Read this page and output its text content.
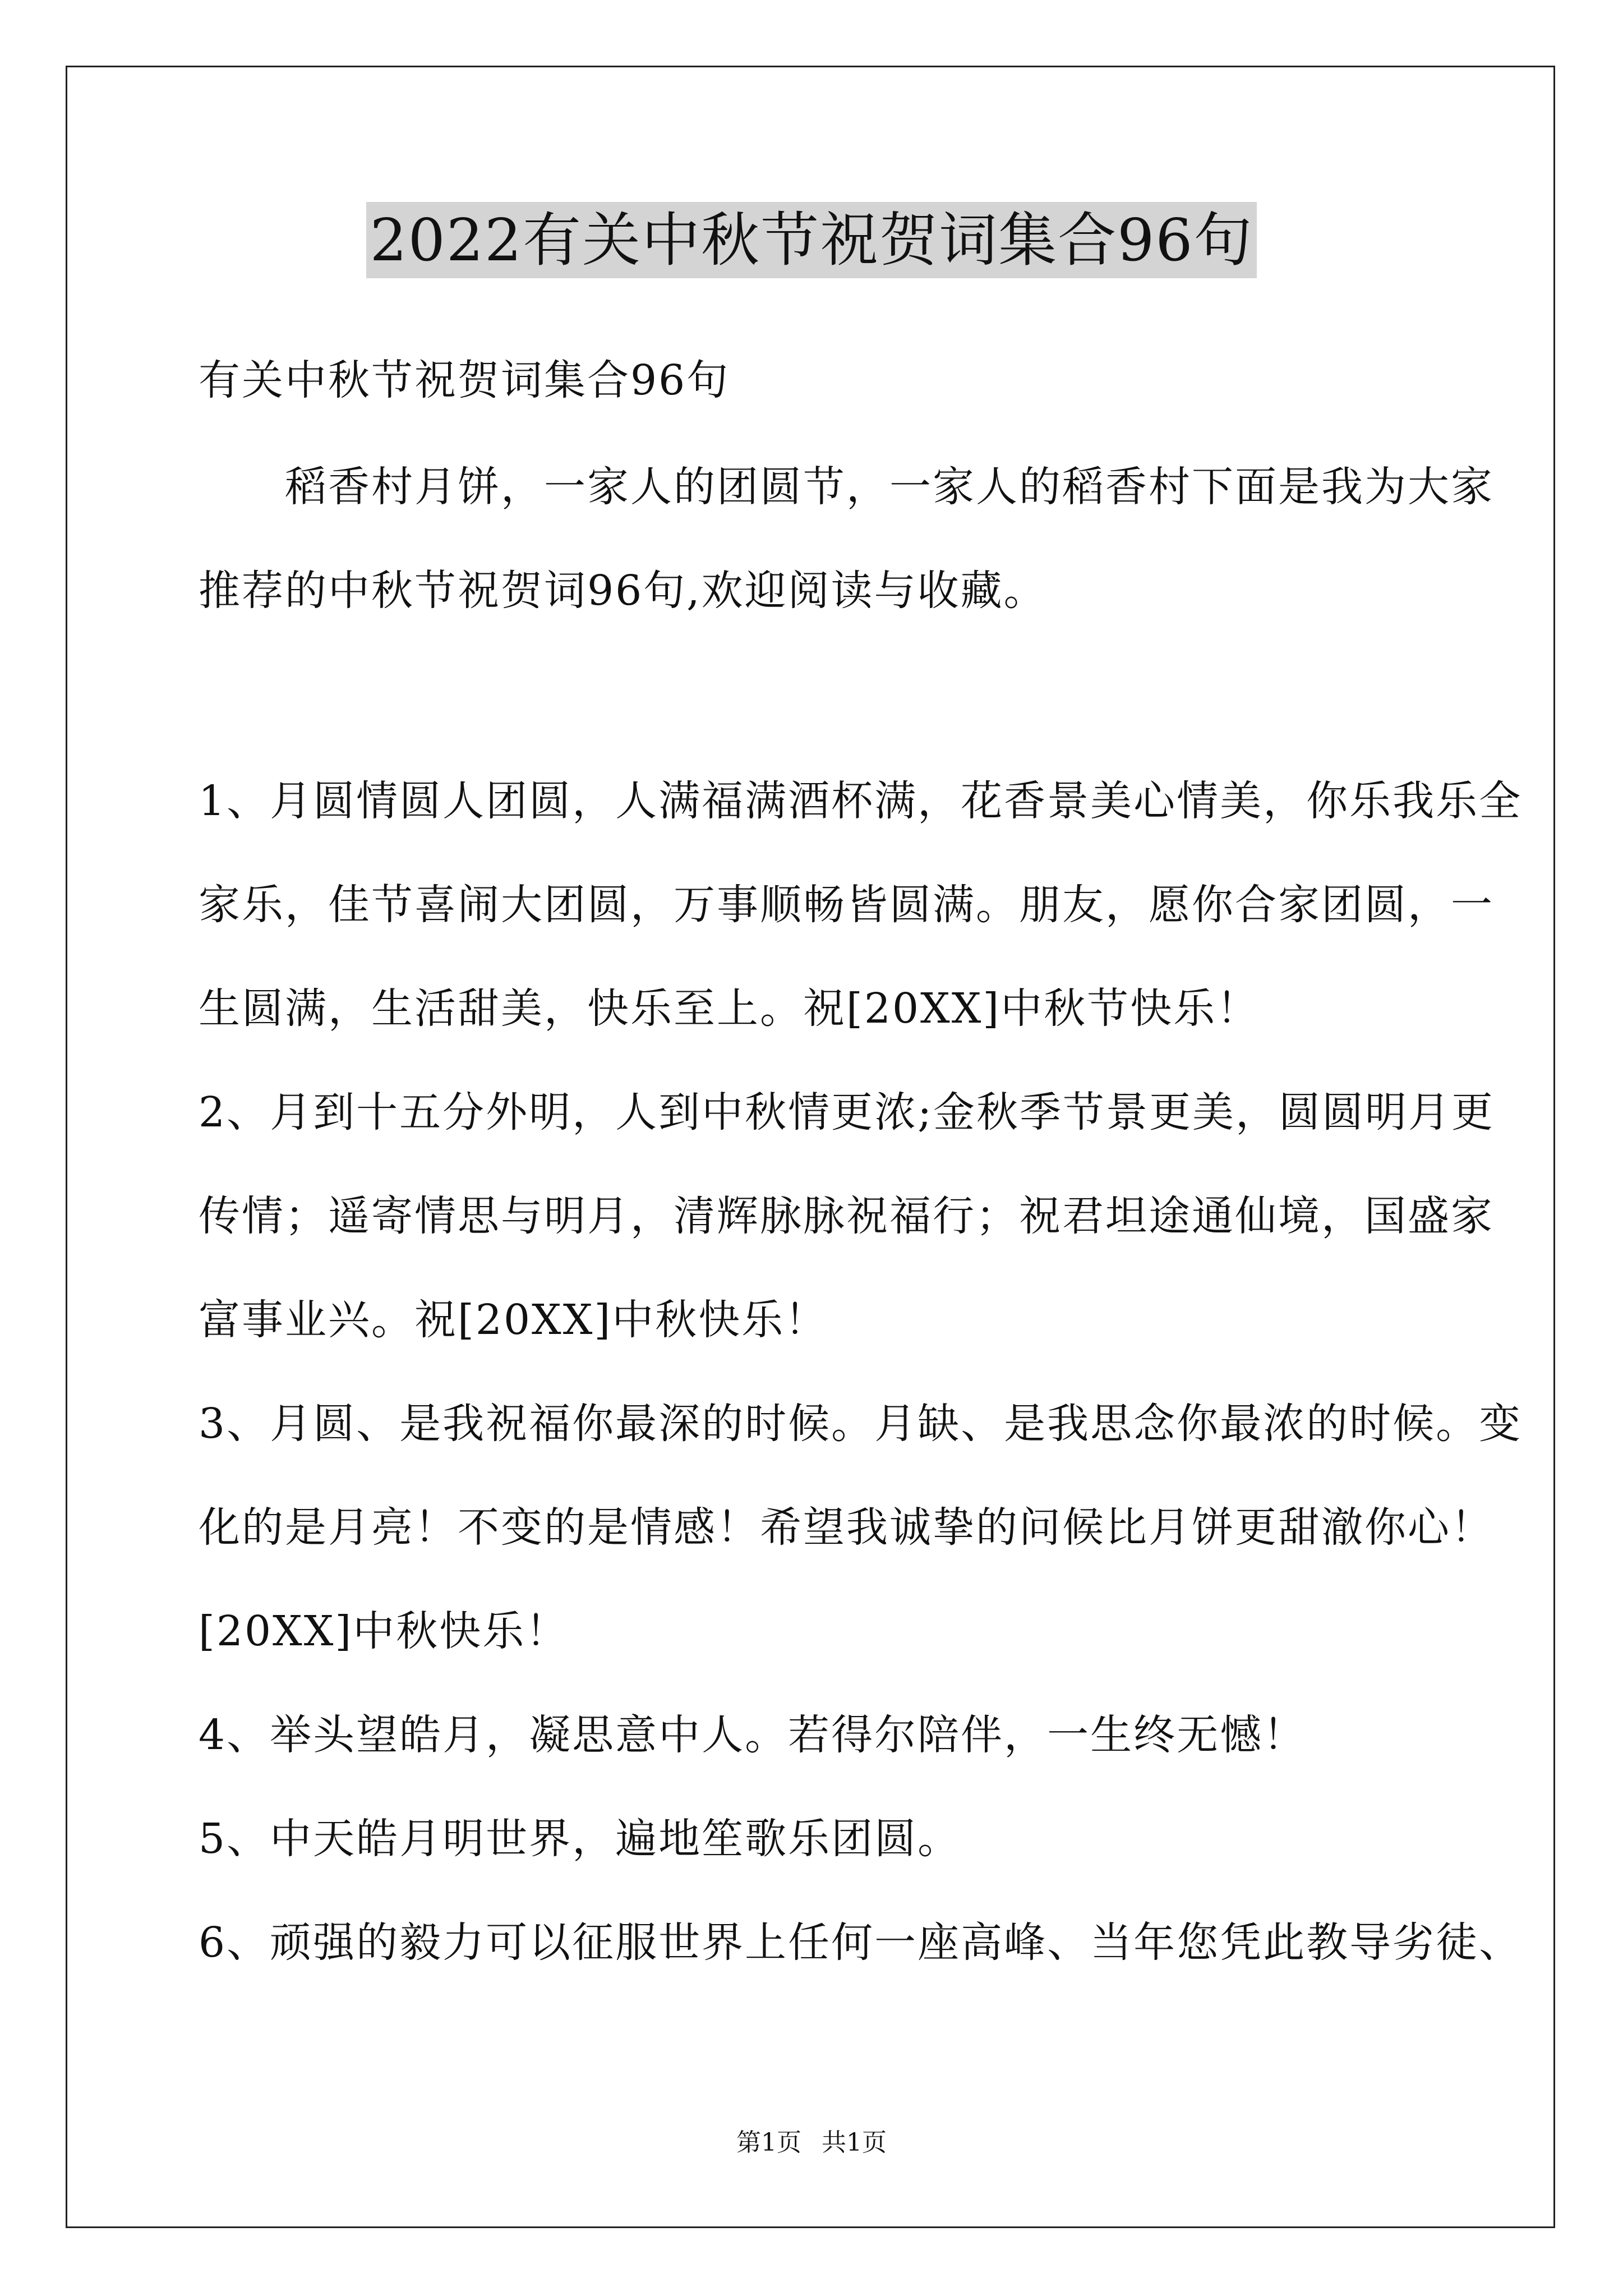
2022有关中秋节祝贺词集合96句
有关中秋节祝贺词集合96句
　　稻香村月饼，一家人的团圆节，一家人的稻香村下面是我为大家
推荐的中秋节祝贺词96句,欢迎阅读与收藏。
1、月圆情圆人团圆，人满福满酒杯满，花香景美心情美，你乐我乐全
家乐，佳节喜闹大团圆，万事顺畅皆圆满。朋友，愿你合家团圆，一
生圆满，生活甜美，快乐至上。祝[20XX]中秋节快乐！
2、月到十五分外明，人到中秋情更浓;金秋季节景更美，圆圆明月更
传情；遥寄情思与明月，清辉脉脉祝福行；祝君坦途通仙境，国盛家
富事业兴。祝[20XX]中秋快乐！
3、月圆、是我祝福你最深的时候。月缺、是我思念你最浓的时候。变
化的是月亮！不变的是情感！希望我诚挚的问候比月饼更甜澈你心！
[20XX]中秋快乐！
4、举头望皓月，凝思意中人。若得尔陪伴，一生终无憾！
5、中天皓月明世界，遍地笙歌乐团圆。
6、顽强的毅力可以征服世界上任何一座高峰、当年您凭此教导劣徒、
第1页 共1页
